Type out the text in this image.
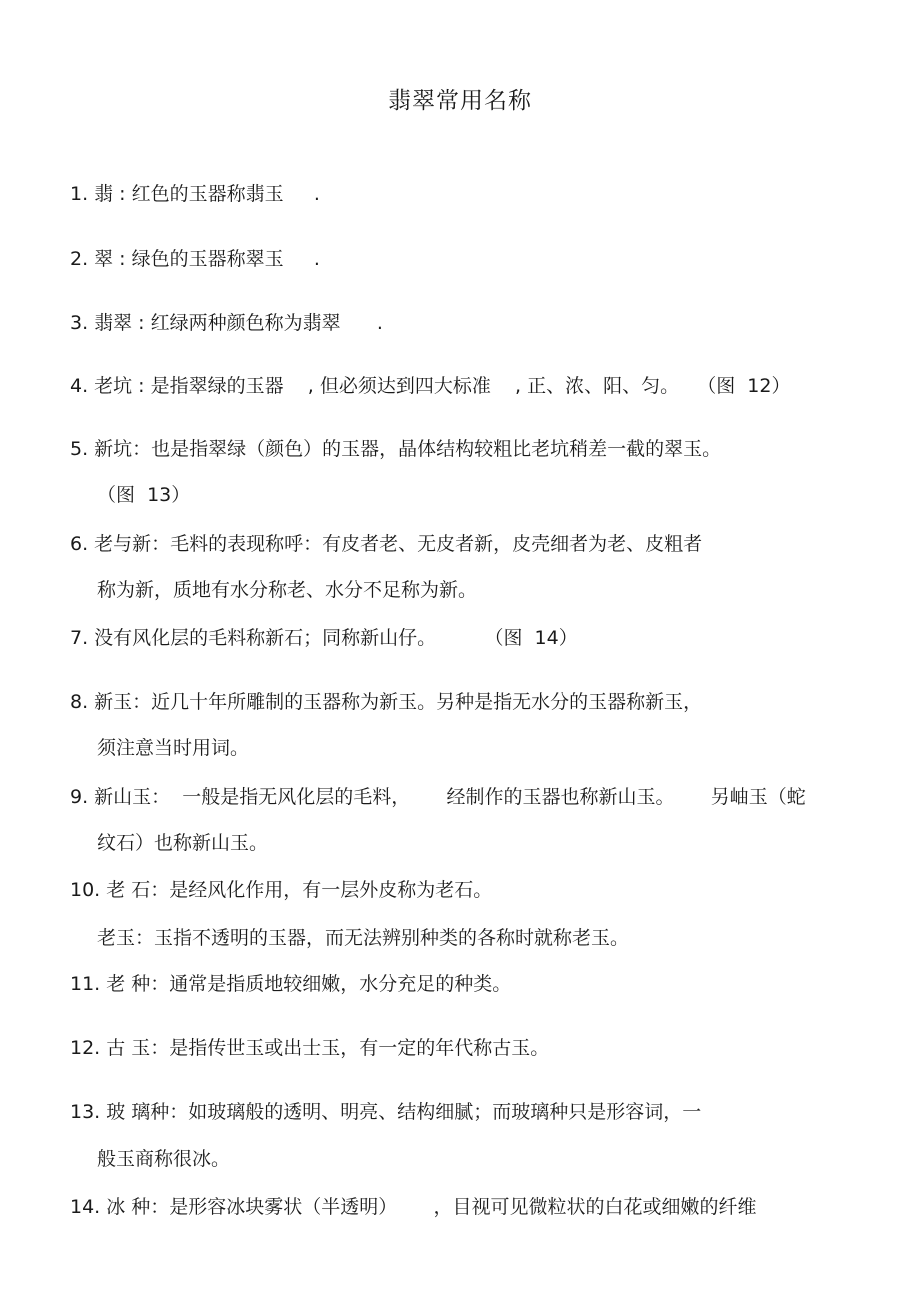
翡翠常用名称
1. 翡 : 红色的玉器称翡玉     .
2. 翠 : 绿色的玉器称翠玉     .
3. 翡翠 : 红绿两种颜色称为翡翠      .
4. 老坑 : 是指翠绿的玉器    , 但必须达到四大标准    , 正、浓、阳、匀。   （图  12）
5. 新坑：也是指翠绿（颜色）的玉器，晶体结构较粗比老坑稍差一截的翠玉。
（图  13）
6. 老与新：毛料的表现称呼：有皮者老、无皮者新，皮壳细者为老、皮粗者
称为新，质地有水分称老、水分不足称为新。
7. 没有风化层的毛料称新石；同称新山仔。        （图  14）
8. 新玉：近几十年所雕制的玉器称为新玉。另种是指无水分的玉器称新玉，
须注意当时用词。
9. 新山玉：  一般是指无风化层的毛料，      经制作的玉器也称新山玉。      另岫玉（蛇
纹石）也称新山玉。
10. 老 石：是经风化作用，有一层外皮称为老石。
老玉：玉指不透明的玉器，而无法辨别种类的各称时就称老玉。
11. 老 种：通常是指质地较细嫩，水分充足的种类。
12. 古 玉：是指传世玉或出士玉，有一定的年代称古玉。
13. 玻 璃种：如玻璃般的透明、明亮、结构细腻；而玻璃种只是形容词，一
般玉商称很冰。
14. 冰 种：是形容冰块雾状（半透明）      ，目视可见微粒状的白花或细嫩的纤维
